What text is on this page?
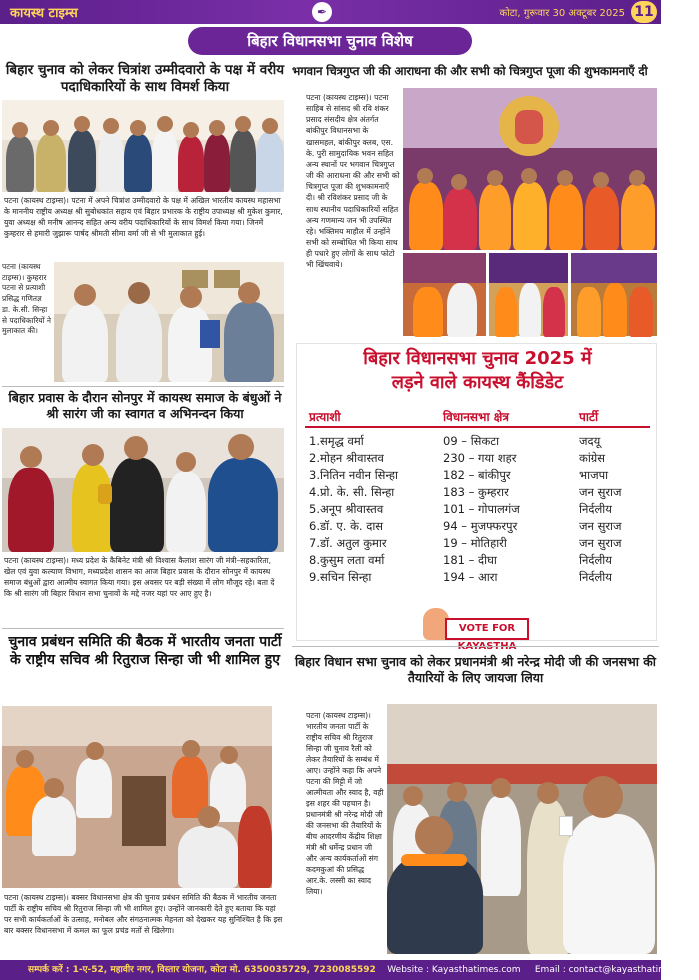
कायस्थ टाइम्स	✒	कोटा, गुरूवार 30 अक्टूबर 2025 11
बिहार विधानसभा चुनाव विशेष
बिहार चुनाव को लेकर चित्रांश उम्मीदवारो के पक्ष में वरीय पदाधिकारियों के साथ विमर्श किया
पटना (कायस्थ टाइम्स)। पटना में अपने चित्रांश उम्मीदवारो के पक्ष में अखिल भारतीय कायस्थ महासभा के माननीय राष्ट्रीय अध्यक्ष श्री सुबोधकांत सहाय एवं बिहार प्रभारक के राष्ट्रीय उपाध्यक्ष श्री मुकेश कुमार, युवा अध्यक्ष श्री मनीष आनन्द सहित अन्य वरीय पदाधिकारियों के साथ विमर्श किया गया। जिनमें कुम्हरार से हमारी जुझारू पार्षद श्रीमती सीमा वर्मा जी से भी मुलाकात हुई।
पटना (कायस्थ टाइम्स)। कुम्हरार पटना से प्रत्याशी प्रसिद्ध गणितज्ञ डा. के.सी. सिन्हा से पदाधिकारियों ने मुलाकात की।
बिहार प्रवास के दौरान सोनपुर में कायस्थ समाज के बंधुओं ने श्री सारंग जी का स्वागत व अभिनन्दन किया
पटना (कायस्थ टाइम्स)। मध्य प्रदेश के कैबिनेट मंत्री श्री विश्वास कैलाश सारंग जी मंत्री–सहकारिता, खेल एवं युवा कल्याण विभाग, मध्यप्रदेश शासन का आज बिहार प्रवास के दौरान सोनपुर में कायस्थ समाज बंधुओं द्वारा आत्मीय स्वागत किया गया। इस अवसर पर बड़ी संख्या में लोग मौजूद रहे। बता दें कि श्री सारंग जी बिहार विधान सभा चुनावों के मद्दे नजर यहां पर आए हुए है।
चुनाव प्रबंधन समिति की बैठक में भारतीय जनता पार्टी के राष्ट्रीय सचिव श्री रितुराज सिन्हा जी भी शामिल हुए
पटना (कायस्थ टाइम्स)। बक्सर विधानसभा क्षेत्र की चुनाव प्रबंधन समिति की बैठक में भारतीय जनता पार्टी के राष्ट्रीय सचिव श्री रितुराज सिन्हा जी भी शामिल हुए। उन्होंने जानकारी देते हुए बताया कि यहां पर सभी कार्यकर्ताओं के उत्साह, मनोबल और संगठनात्मक मेहनता को देखकर यह सुनिश्चित है कि इस बार बक्सर विधानसभा में कमल का फूल प्रचंड मतों से खिलेगा।
भगवान चित्रगुप्त जी की आराधना की और सभी को चित्रगुप्त पूजा की शुभकामनाएँ दी
पटना (कायस्थ टाइम्स)। पटना साहिब से सांसद श्री रवि शंकर प्रसाद संसदीय क्षेत्र अंतर्गत बांकीपुर विधानसभा के खासमहल, बांकीपुर क्लब, एस. के. पुरी सामुदायिक भवन सहित अन्य स्थानों पर भगवान चित्रगुप्त जी की आराधना की और सभी को चित्रगुप्त पूजा की शुभकामनाएँ दी। श्री रविशंकर प्रसाद जी के साथ स्थानीय पदाधिकारियों सहित अन्य गणमान्य जन भी उपस्थित रहे। भक्तिमय माहौल में उन्होंने सभी को सम्बोधित भी किया साथ ही पधारे हुए लोगों के साथ फोटो भी खिंचवाये।
बिहार विधानसभा चुनाव 2025 में
लड़ने वाले कायस्थ कैंडिडेट
प्रत्याशी	विधानसभा क्षेत्र	पार्टी
1.समृद्ध वर्मा	09 – सिकटा	जदयू
2.मोहन श्रीवास्तव	230 – गया शहर	कांग्रेस
3.नितिन नवीन सिन्हा	182 – बांकीपुर	भाजपा
4.प्रो. के. सी. सिन्हा	183 – कुम्हरार	जन सुराज
5.अनूप श्रीवास्तव	101 – गोपालगंज	निर्दलीय
6.डॉ. ए. के. दास	94 – मुजफ्फरपुर	जन सुराज
7.डॉ. अतुल कुमार	19 – मोतिहारी	जन सुराज
8.कुसुम लता वर्मा	181 – दीघा	निर्दलीय
9.सचिन सिन्हा	194 – आरा	निर्दलीय
VOTE FOR
बिहार विधान सभा चुनाव को लेकर प्रधानमंत्री श्री नरेन्द्र मोदी जी की जनसभा की तैयारियों के लिए जायजा लिया
पटना (कायस्थ टाइम्स)। भारतीय जनता पार्टी के राष्ट्रीय सचिव श्री रितुराज सिन्हा जी चुनाव रैली को लेकर तैयारियों के सम्बंध में आए। उन्होंने कहा कि अपने पटना की मिट्टी में जो आत्मीयता और स्वाद है, वही इस शहर की पहचान है। प्रधानमंत्री श्री नरेन्द्र मोदी जी की जनसभा की तैयारियों के बीच आदरणीय केंद्रीय शिक्षा मंत्री श्री धर्मेन्द्र प्रधान जी और अन्य कार्यकर्ताओं संग कदमकुआं की प्रसिद्ध आर.के. लस्सी का स्वाद लिया।
सम्पर्क करें : 1-ए-52, महावीर नगर, विस्तार योजना, कोटा मो. 6350035729, 7230085592 Website : Kayasthatimes.com Email : contact@kayasthatimes.com
